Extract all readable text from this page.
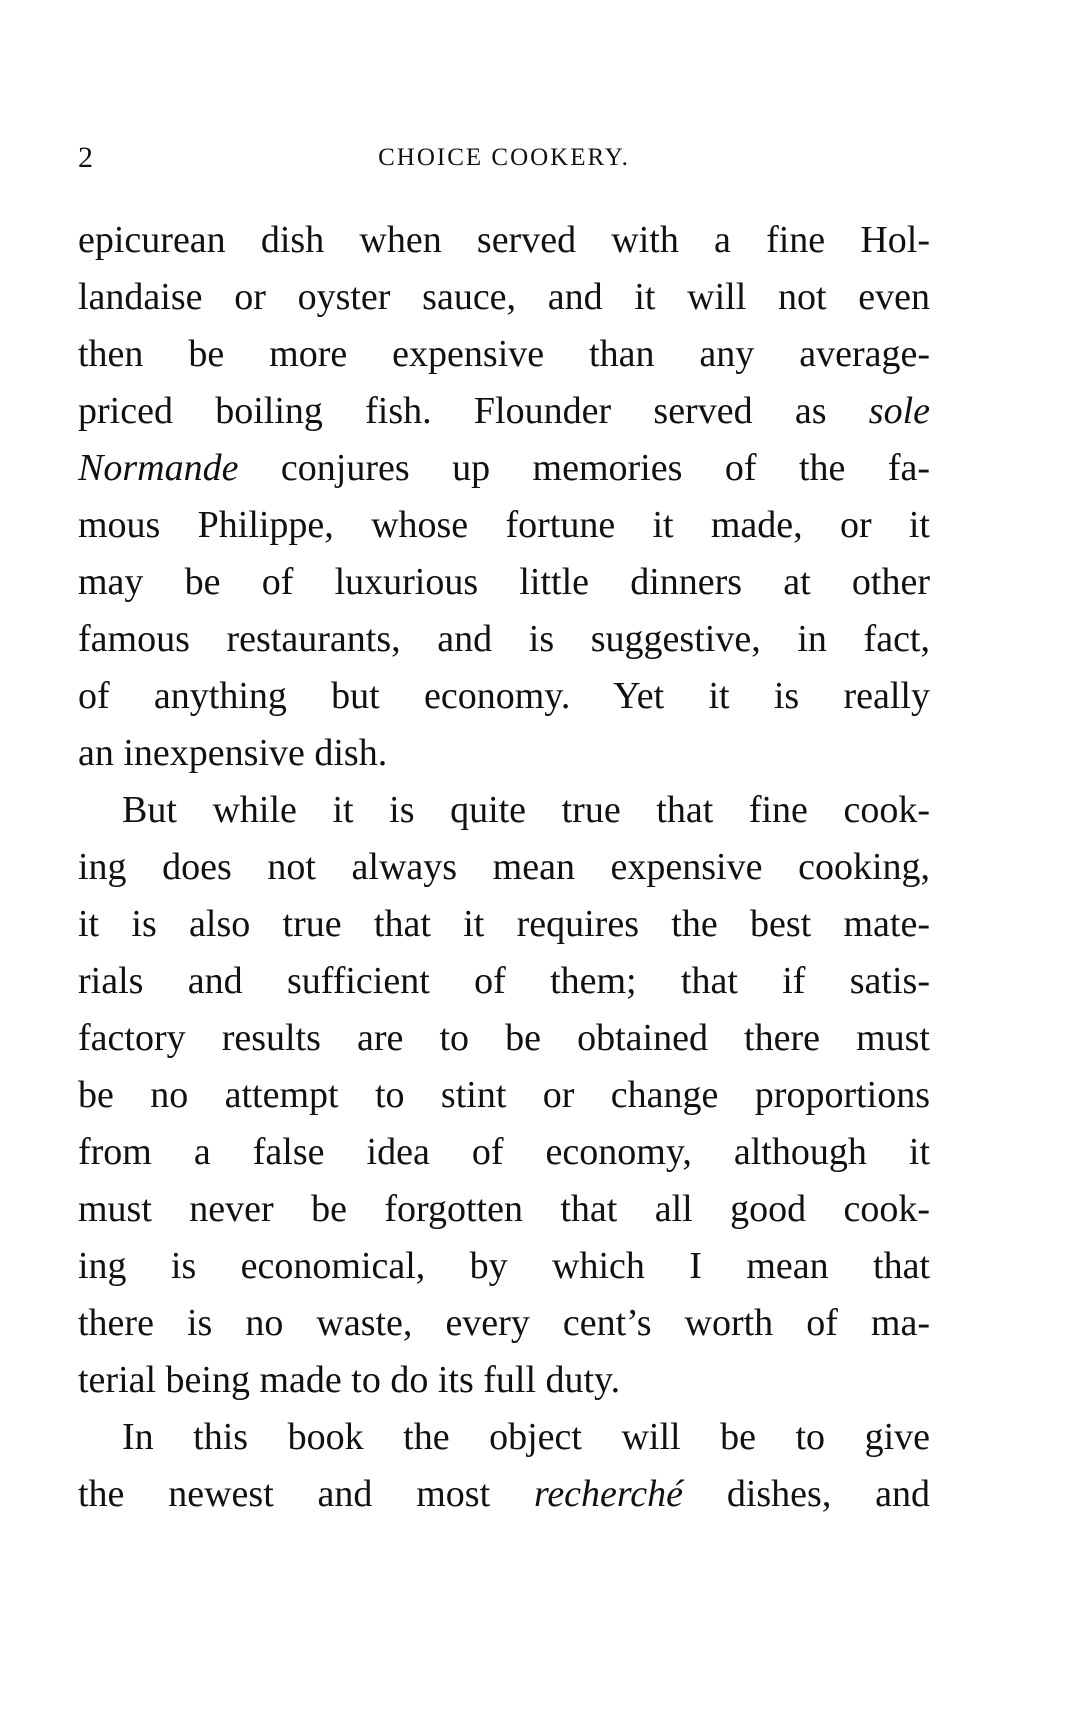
2	CHOICE COOKERY.
epicurean dish when served with a fine Hol-
landaise or oyster sauce, and it will not even
then be more expensive than any average-
priced boiling fish. Flounder served as sole
Normande conjures up memories of the fa-
mous Philippe, whose fortune it made, or it
may be of luxurious little dinners at other
famous restaurants, and is suggestive, in fact,
of anything but economy. Yet it is really
an inexpensive dish.
But while it is quite true that fine cook-
ing does not always mean expensive cooking,
it is also true that it requires the best mate-
rials and sufficient of them; that if satis-
factory results are to be obtained there must
be no attempt to stint or change proportions
from a false idea of economy, although it
must never be forgotten that all good cook-
ing is economical, by which I mean that
there is no waste, every cent’s worth of ma-
terial being made to do its full duty.
In this book the object will be to give
the newest and most recherché dishes, and
